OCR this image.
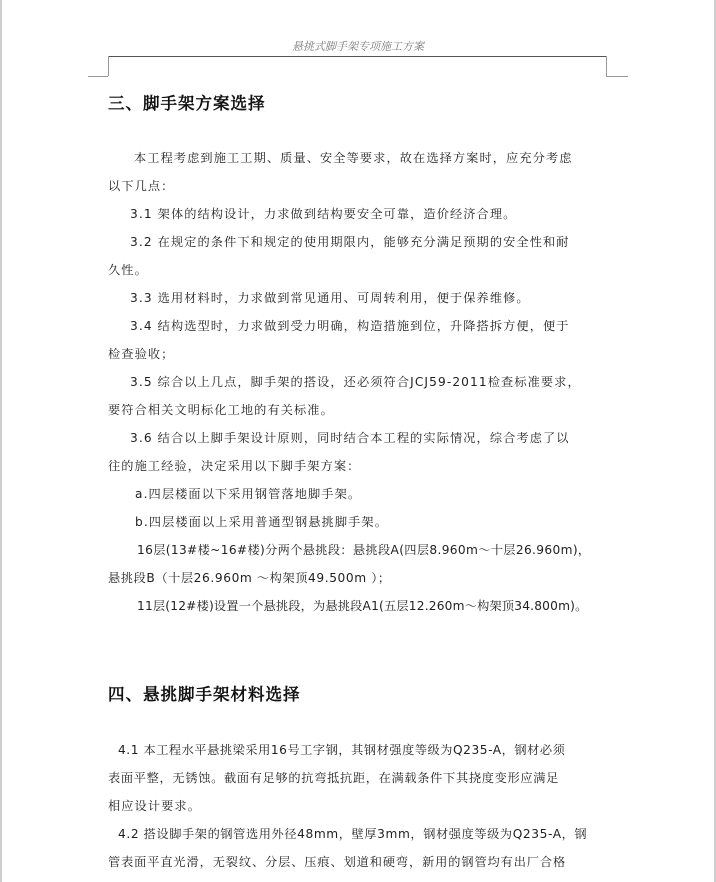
悬挑式脚手架专项施工方案
三、脚手架方案选择
本工程考虑到施工工期、质量、安全等要求，故在选择方案时，应充分考虑
以下几点：
3.1 架体的结构设计，力求做到结构要安全可靠，造价经济合理。
3.2 在规定的条件下和规定的使用期限内，能够充分满足预期的安全性和耐
久性。
3.3 选用材料时，力求做到常见通用、可周转利用，便于保养维修。
3.4 结构选型时，力求做到受力明确，构造措施到位，升降搭拆方便，便于
检查验收；
3.5 综合以上几点，脚手架的搭设，还必须符合JCJ59-2011检查标准要求，
要符合相关文明标化工地的有关标准。
3.6 结合以上脚手架设计原则，同时结合本工程的实际情况，综合考虑了以
往的施工经验，决定采用以下脚手架方案：
a.四层楼面以下采用钢管落地脚手架。
b.四层楼面以上采用普通型钢悬挑脚手架。
16层(13#楼~16#楼)分两个悬挑段：悬挑段A(四层8.960m～十层26.960m)，
悬挑段B（十层26.960m ～构架顶49.500m ）；
11层(12#楼)设置一个悬挑段，为悬挑段A1(五层12.260m～构架顶34.800m)。
四、悬挑脚手架材料选择
4.1 本工程水平悬挑梁采用16号工字钢，其钢材强度等级为Q235-A，钢材必须
表面平整，无锈蚀。截面有足够的抗弯抵抗距，在满载条件下其挠度变形应满足
相应设计要求。
4.2 搭设脚手架的钢管选用外径48mm，壁厚3mm，钢材强度等级为Q235-A，钢
管表面平直光滑，无裂纹、分层、压痕、划道和硬弯，新用的钢管均有出厂合格
